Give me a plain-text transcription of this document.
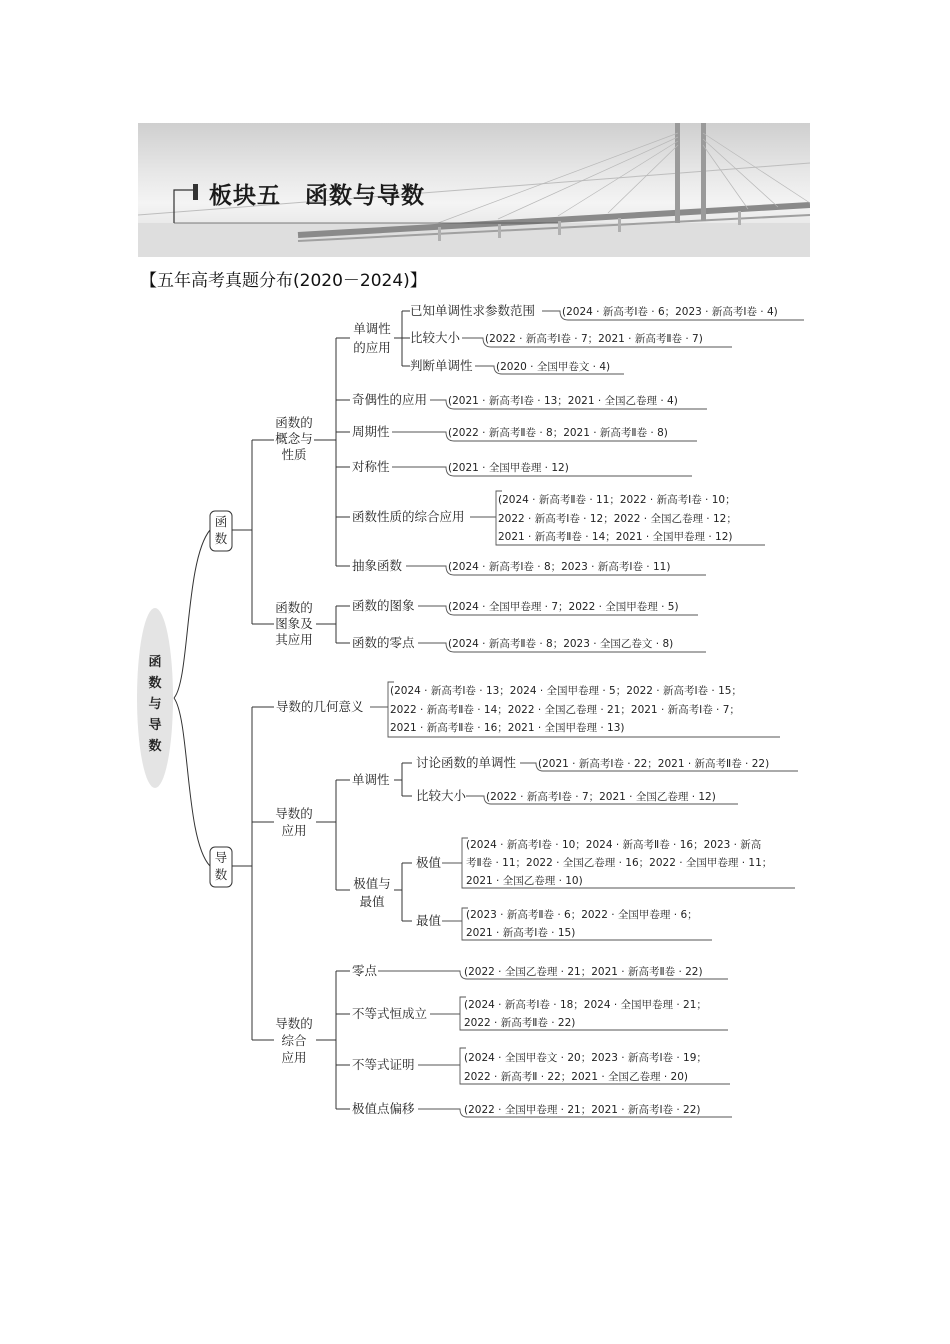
板块五　函数与导数
【五年高考真题分布(2020－2024)】
函
数
与
导
数
函
数
导
数
函数的
概念与
性质
函数的
图象及
其应用
单调性
的应用
已知单调性求参数范围
比较大小
判断单调性
奇偶性的应用
周期性
对称性
函数性质的综合应用
抽象函数
函数的图象
函数的零点
导数的几何意义
单调性
讨论函数的单调性
比较大小
极值
最值
零点
不等式恒成立
不等式证明
极值点偏移
导数的
应用
极值与
最值
导数的
综合
应用
(2024 · 新高考Ⅰ卷 · 6；2023 · 新高考Ⅰ卷 · 4)
(2022 · 新高考Ⅰ卷 · 7；2021 · 新高考Ⅱ卷 · 7)
(2020 · 全国甲卷文 · 4)
(2021 · 新高考Ⅰ卷 · 13；2021 · 全国乙卷理 · 4)
(2022 · 新高考Ⅱ卷 · 8；2021 · 新高考Ⅱ卷 · 8)
(2021 · 全国甲卷理 · 12)
(2024 · 新高考Ⅱ卷 · 11；2022 · 新高考Ⅰ卷 · 10；
2022 · 新高考Ⅰ卷 · 12；2022 · 全国乙卷理 · 12；
2021 · 新高考Ⅱ卷 · 14；2021 · 全国甲卷理 · 12)
(2024 · 新高考Ⅰ卷 · 8；2023 · 新高考Ⅰ卷 · 11)
(2024 · 全国甲卷理 · 7；2022 · 全国甲卷理 · 5)
(2024 · 新高考Ⅱ卷 · 8；2023 · 全国乙卷文 · 8)
(2024 · 新高考Ⅰ卷 · 13；2024 · 全国甲卷理 · 5；2022 · 新高考Ⅰ卷 · 15；
2022 · 新高考Ⅱ卷 · 14；2022 · 全国乙卷理 · 21；2021 · 新高考Ⅰ卷 · 7；
2021 · 新高考Ⅱ卷 · 16；2021 · 全国甲卷理 · 13)
(2021 · 新高考Ⅰ卷 · 22；2021 · 新高考Ⅱ卷 · 22)
(2022 · 新高考Ⅰ卷 · 7；2021 · 全国乙卷理 · 12)
(2024 · 新高考Ⅰ卷 · 10；2024 · 新高考Ⅱ卷 · 16；2023 · 新高
考Ⅱ卷 · 11；2022 · 全国乙卷理 · 16；2022 · 全国甲卷理 · 11；
2021 · 全国乙卷理 · 10)
(2023 · 新高考Ⅱ卷 · 6；2022 · 全国甲卷理 · 6；
2021 · 新高考Ⅰ卷 · 15)
(2022 · 全国乙卷理 · 21；2021 · 新高考Ⅱ卷 · 22)
(2024 · 新高考Ⅰ卷 · 18；2024 · 全国甲卷理 · 21；
2022 · 新高考Ⅱ卷 · 22)
(2024 · 全国甲卷文 · 20；2023 · 新高考Ⅰ卷 · 19；
2022 · 新高考Ⅱ · 22；2021 · 全国乙卷理 · 20)
(2022 · 全国甲卷理 · 21；2021 · 新高考Ⅰ卷 · 22)
